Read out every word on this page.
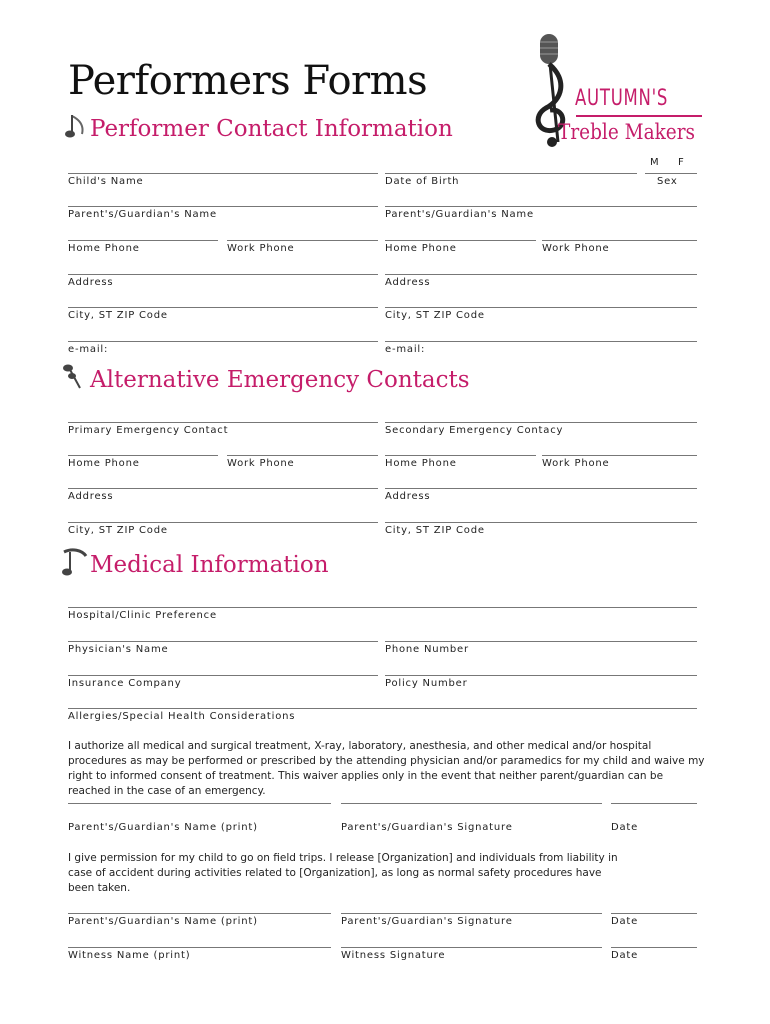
Performers Forms	AUTUMN'S
Treble Makers
Performer Contact Information
M F
Child's Name	Date of Birth	Sex
Parent's/Guardian's Name	Parent's/Guardian's Name
Home Phone	Work Phone	Home Phone	Work Phone
Address	Address
City, ST ZIP Code	City, ST ZIP Code
e-mail:	e-mail:
Alternative Emergency Contacts
Primary Emergency Contact	Secondary Emergency Contacy
Home Phone	Work Phone	Home Phone	Work Phone
Address	Address
City, ST ZIP Code	City, ST ZIP Code
Medical Information
Hospital/Clinic Preference
Physician's Name	Phone Number
Insurance Company	Policy Number
Allergies/Special Health Considerations
I authorize all medical and surgical treatment, X-ray, laboratory, anesthesia, and other medical and/or hospital procedures as may be performed or prescribed by the attending physician and/or paramedics for my child and waive my right to informed consent of treatment. This waiver applies only in the event that neither parent/guardian can be reached in the case of an emergency.
Parent's/Guardian's Name (print)	Parent's/Guardian's Signature	Date
I give permission for my child to go on field trips. I release [Organization] and individuals from liability in case of accident during activities related to [Organization], as long as normal safety procedures have been taken.
Parent's/Guardian's Name (print)	Parent's/Guardian's Signature	Date
Witness Name (print)	Witness Signature	Date
